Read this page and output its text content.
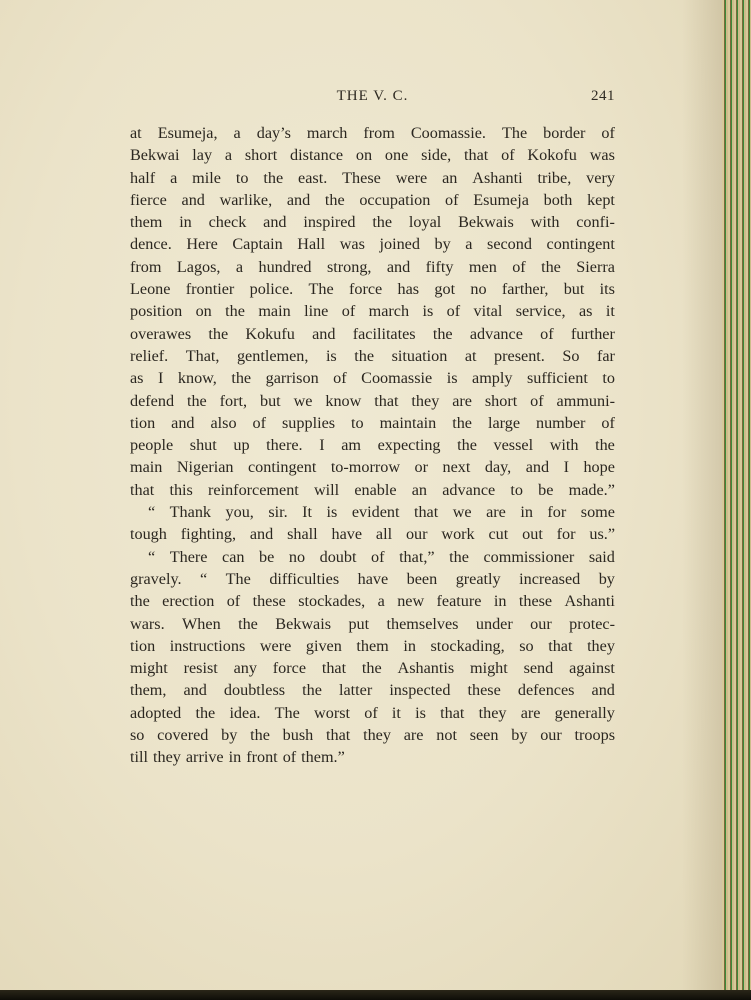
THE V. C.	241
at Esumeja, a day’s march from Coomassie. The border of
Bekwai lay a short distance on one side, that of Kokofu was
half a mile to the east. These were an Ashanti tribe, very
fierce and warlike, and the occupation of Esumeja both kept
them in check and inspired the loyal Bekwais with confi-
dence. Here Captain Hall was joined by a second contingent
from Lagos, a hundred strong, and fifty men of the Sierra
Leone frontier police. The force has got no farther, but its
position on the main line of march is of vital service, as it
overawes the Kokufu and facilitates the advance of further
relief. That, gentlemen, is the situation at present. So far
as I know, the garrison of Coomassie is amply sufficient to
defend the fort, but we know that they are short of ammuni-
tion and also of supplies to maintain the large number of
people shut up there. I am expecting the vessel with the
main Nigerian contingent to-morrow or next day, and I hope
that this reinforcement will enable an advance to be made.”
“ Thank you, sir. It is evident that we are in for some
tough fighting, and shall have all our work cut out for us.”
“ There can be no doubt of that,” the commissioner said
gravely. “ The difficulties have been greatly increased by
the erection of these stockades, a new feature in these Ashanti
wars. When the Bekwais put themselves under our protec-
tion instructions were given them in stockading, so that they
might resist any force that the Ashantis might send against
them, and doubtless the latter inspected these defences and
adopted the idea. The worst of it is that they are generally
so covered by the bush that they are not seen by our troops
till they arrive in front of them.”
